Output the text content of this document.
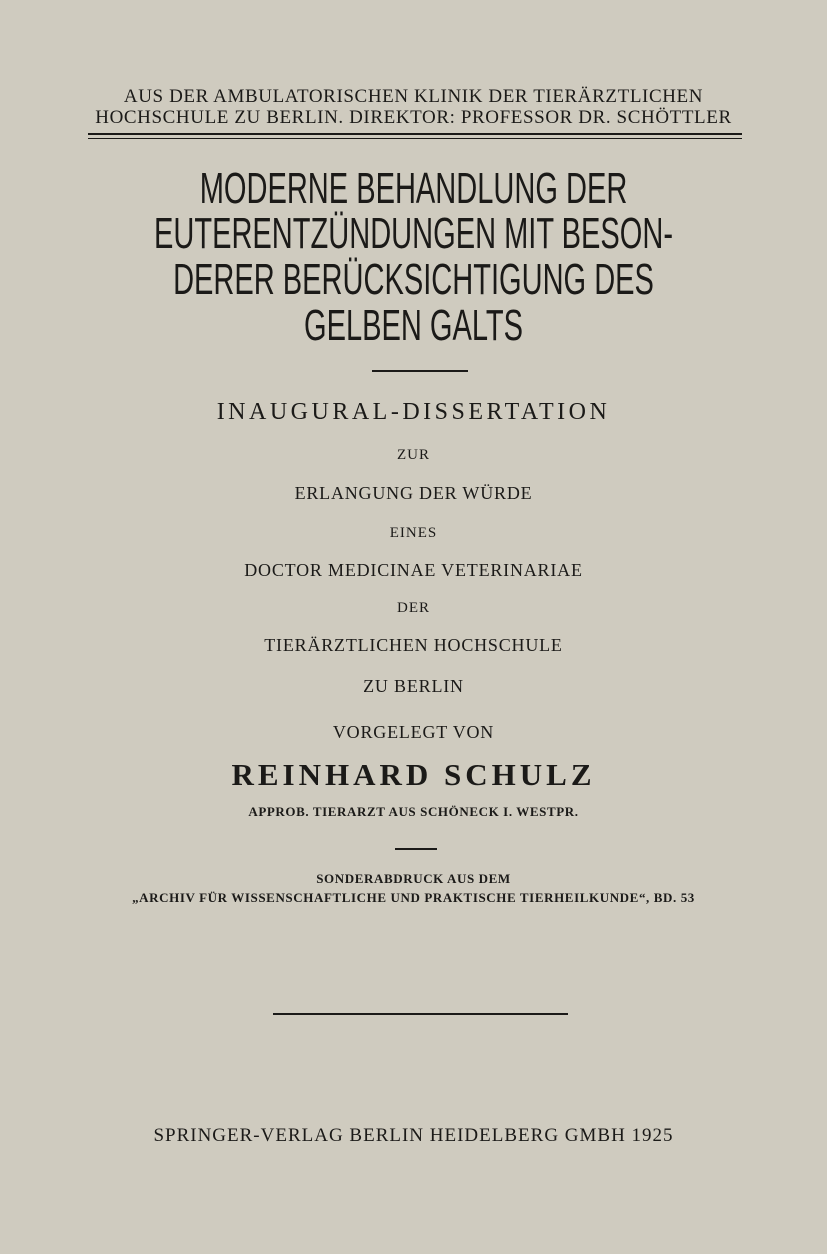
AUS DER AMBULATORISCHEN KLINIK DER TIERÄRZTLICHEN
HOCHSCHULE ZU BERLIN. DIREKTOR: PROFESSOR DR. SCHÖTTLER
MODERNE BEHANDLUNG DER
EUTERENTZÜNDUNGEN MIT BESON-
DERER BERÜCKSICHTIGUNG DES
GELBEN GALTS
INAUGURAL-DISSERTATION
ZUR
ERLANGUNG DER WÜRDE
EINES
DOCTOR MEDICINAE VETERINARIAE
DER
TIERÄRZTLICHEN HOCHSCHULE
ZU BERLIN
VORGELEGT VON
REINHARD SCHULZ
APPROB. TIERARZT AUS SCHÖNECK I. WESTPR.
SONDERABDRUCK AUS DEM
„ARCHIV FÜR WISSENSCHAFTLICHE UND PRAKTISCHE TIERHEILKUNDE“, BD. 53
SPRINGER-VERLAG BERLIN HEIDELBERG GMBH 1925
